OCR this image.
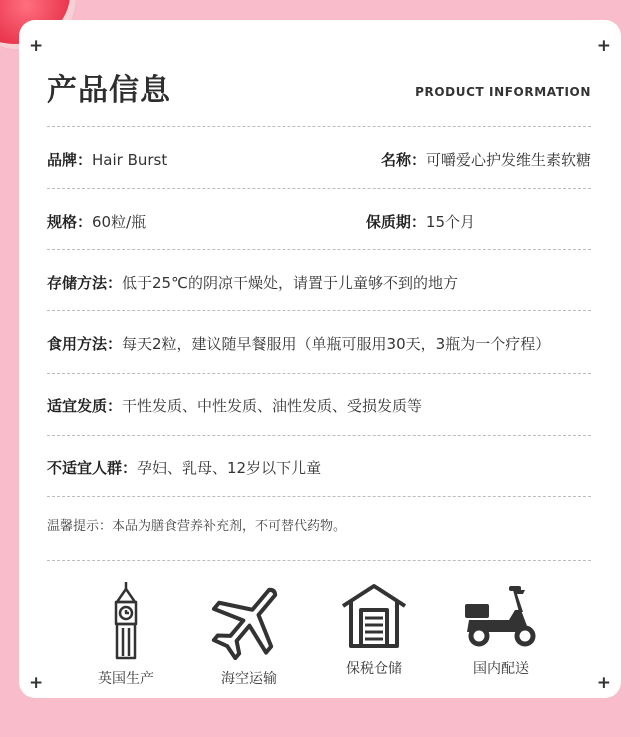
+	+
+	+
产品信息	PRODUCT INFORMATION
品牌：Hair Burst	名称：可嚼爱心护发维生素软糖
规格：60粒/瓶	保质期：15个月
存储方法：低于25℃的阴凉干燥处，请置于儿童够不到的地方
食用方法：每天2粒，建议随早餐服用（单瓶可服用30天，3瓶为一个疗程）
适宜发质：干性发质、中性发质、油性发质、受损发质等
不适宜人群：孕妇、乳母、12岁以下儿童
温馨提示：本品为膳食营养补充剂，不可替代药物。
英国生产	海空运输
保税仓储	国内配送
